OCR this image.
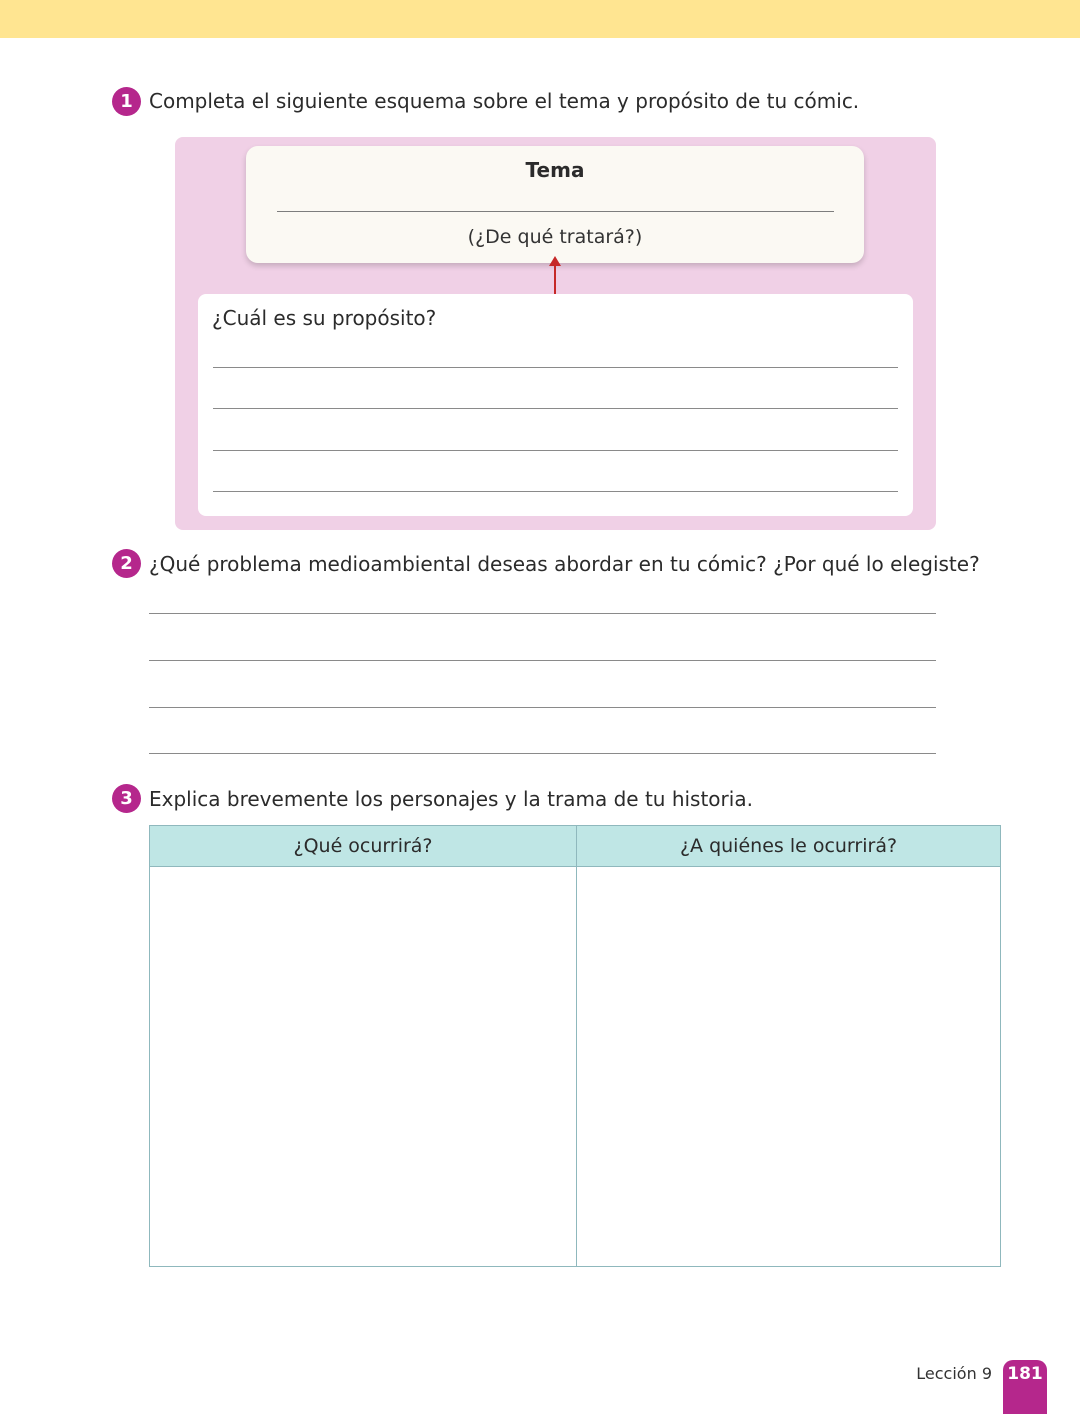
1 Completa el siguiente esquema sobre el tema y propósito de tu cómic.
Tema
(¿De qué tratará?)
¿Cuál es su propósito?
2 ¿Qué problema medioambiental deseas abordar en tu cómic? ¿Por qué lo elegiste?
3 Explica brevemente los personajes y la trama de tu historia.
¿Qué ocurrirá?	¿A quiénes le ocurrirá?
Lección 9 181
